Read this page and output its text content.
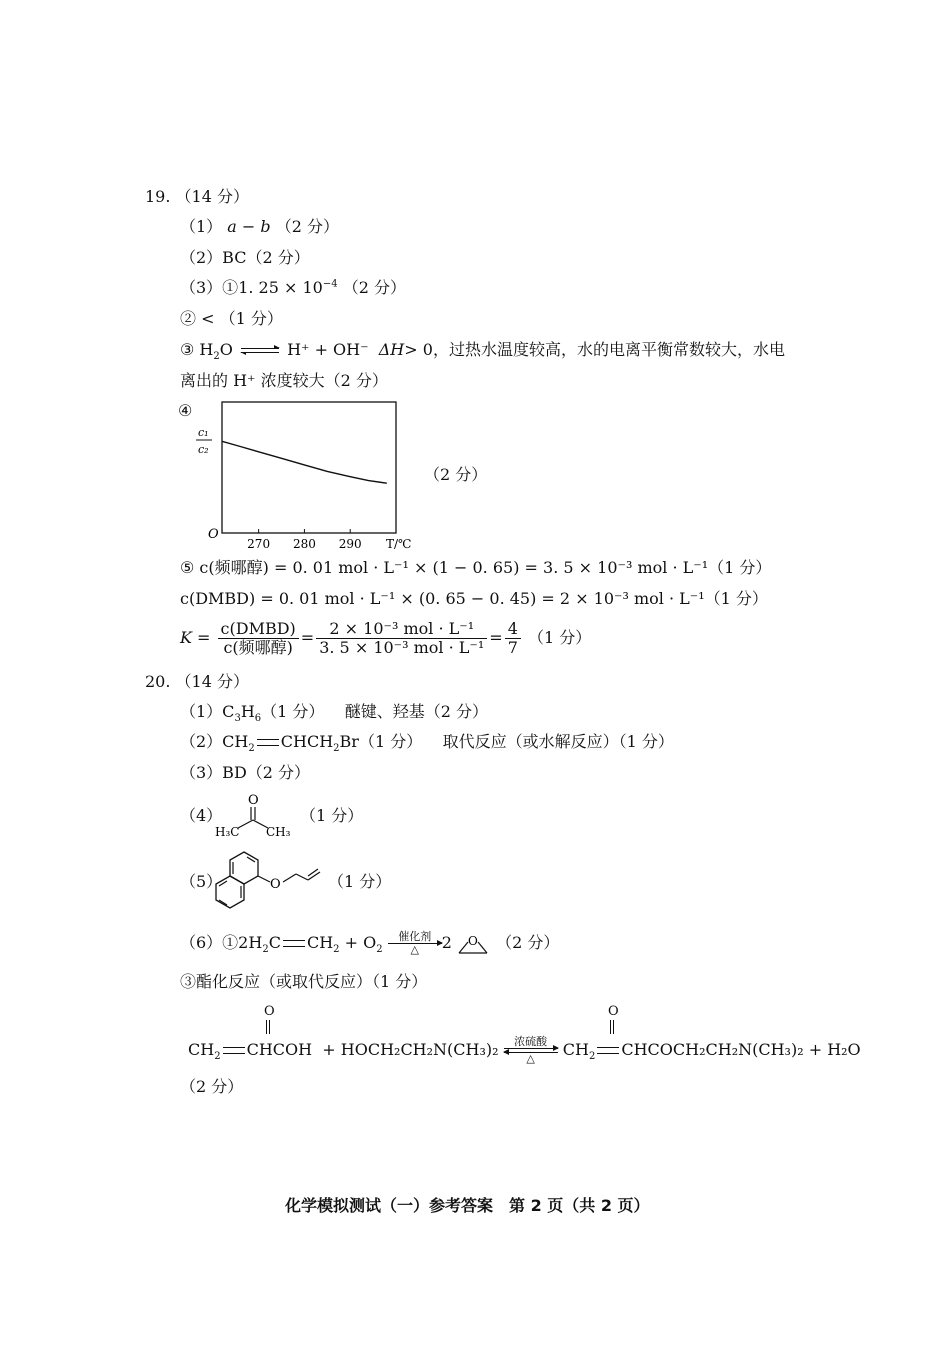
19. （14 分）
（1） a − b （2 分）
（2）BC（2 分）
（3）①1. $25 \times 10^{-4}$ （2 分）
② < （1 分）
③ $H_2O$ ⇌ H⁺ + OH⁻ ΔH> 0，过热水温度较高，水的电离平衡常数较大，水电
离出的 H⁺ 浓度较大（2 分）
④
270 280 290
O
T/℃
c₁
c₂
（2 分）
⑤ c(频哪醇) = 0. 01 mol · L⁻¹ × (1 − 0. 65) = 3. 5 × 10⁻³ mol · L⁻¹（1 分）
c(DMBD) = 0. 01 mol · L⁻¹ × (0. 65 − 0. 45) = 2 × 10⁻³ mol · L⁻¹（1 分）
$K = \frac{\text{c(DMBD)}}{\text{c(频哪醇)}} = \frac{\text{2 × 10⁻³ mol · L⁻¹}}{\text{3. 5 × 10⁻³ mol · L⁻¹}} = \frac{4}{7} (1$ 分）
20. （14 分）
$(1)C_3H_6(1$ 分） 醚键、羟基（2 分）
$(2)CH_2$ $CHCH_2Br(1$ 分） 取代反应（或水解反应）（1 分）
（3）BD（2 分）
（4）
O
H₃C CH₃
（1 分）
（5）	O	（1 分）
$(6)①2H_2C$ $CH_2 + O_2$
催化剂
△	2 O （2 分）
③酯化反应（或取代反应）（1 分）
O	O
$CH_2$ CHCOH + HOCH₂CH₂N(CH₃)₂	浓硫酸
△	$CH_2$ CHCOCH₂CH₂N(CH₃)₂ + H₂O
（2 分）
化学模拟测试（一）参考答案　第 2 页（共 2 页）
